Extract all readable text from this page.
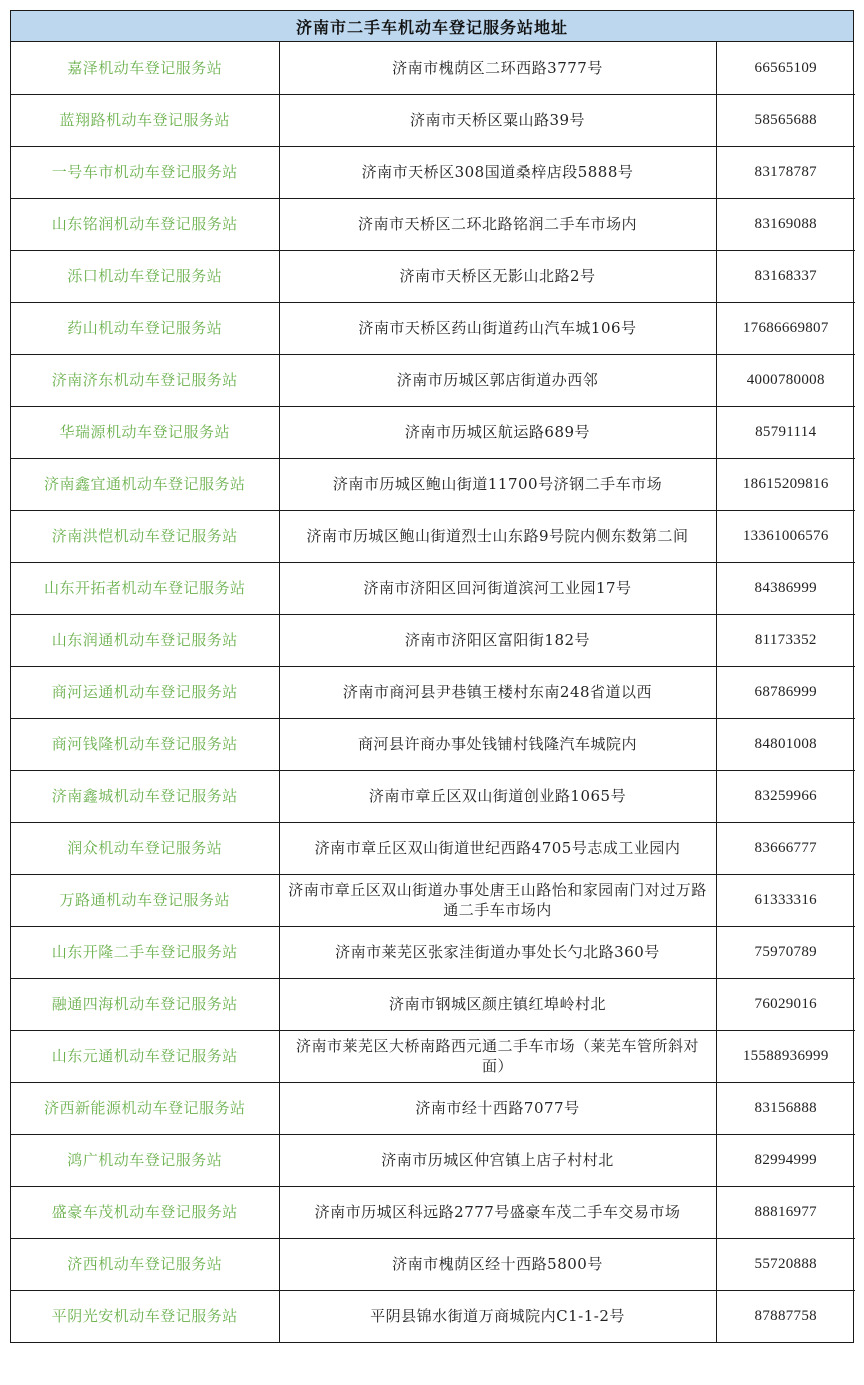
济南市二手车机动车登记服务站地址
嘉泽机动车登记服务站	济南市槐荫区二环西路3777号	66565109
蓝翔路机动车登记服务站	济南市天桥区粟山路39号	58565688
一号车市机动车登记服务站	济南市天桥区308国道桑梓店段5888号	83178787
山东铭润机动车登记服务站	济南市天桥区二环北路铭润二手车市场内	83169088
泺口机动车登记服务站	济南市天桥区无影山北路2号	83168337
药山机动车登记服务站	济南市天桥区药山街道药山汽车城106号	17686669807
济南济东机动车登记服务站	济南市历城区郭店街道办西邻	4000780008
华瑞源机动车登记服务站	济南市历城区航运路689号	85791114
济南鑫宜通机动车登记服务站	济南市历城区鲍山街道11700号济钢二手车市场	18615209816
济南洪恺机动车登记服务站	济南市历城区鲍山街道烈士山东路9号院内侧东数第二间	13361006576
山东开拓者机动车登记服务站	济南市济阳区回河街道滨河工业园17号	84386999
山东润通机动车登记服务站	济南市济阳区富阳街182号	81173352
商河运通机动车登记服务站	济南市商河县尹巷镇王楼村东南248省道以西	68786999
商河钱隆机动车登记服务站	商河县许商办事处钱铺村钱隆汽车城院内	84801008
济南鑫城机动车登记服务站	济南市章丘区双山街道创业路1065号	83259966
润众机动车登记服务站	济南市章丘区双山街道世纪西路4705号志成工业园内	83666777
万路通机动车登记服务站	济南市章丘区双山街道办事处唐王山路怡和家园南门对过万路通二手车市场内	61333316
山东开隆二手车登记服务站	济南市莱芜区张家洼街道办事处长勺北路360号	75970789
融通四海机动车登记服务站	济南市钢城区颜庄镇红埠岭村北	76029016
山东元通机动车登记服务站	济南市莱芜区大桥南路西元通二手车市场（莱芜车管所斜对面）	15588936999
济西新能源机动车登记服务站	济南市经十西路7077号	83156888
鸿广机动车登记服务站	济南市历城区仲宫镇上店子村村北	82994999
盛豪车茂机动车登记服务站	济南市历城区科远路2777号盛豪车茂二手车交易市场	88816977
济西机动车登记服务站	济南市槐荫区经十西路5800号	55720888
平阴光安机动车登记服务站	平阴县锦水街道万商城院内C1-1-2号	87887758
